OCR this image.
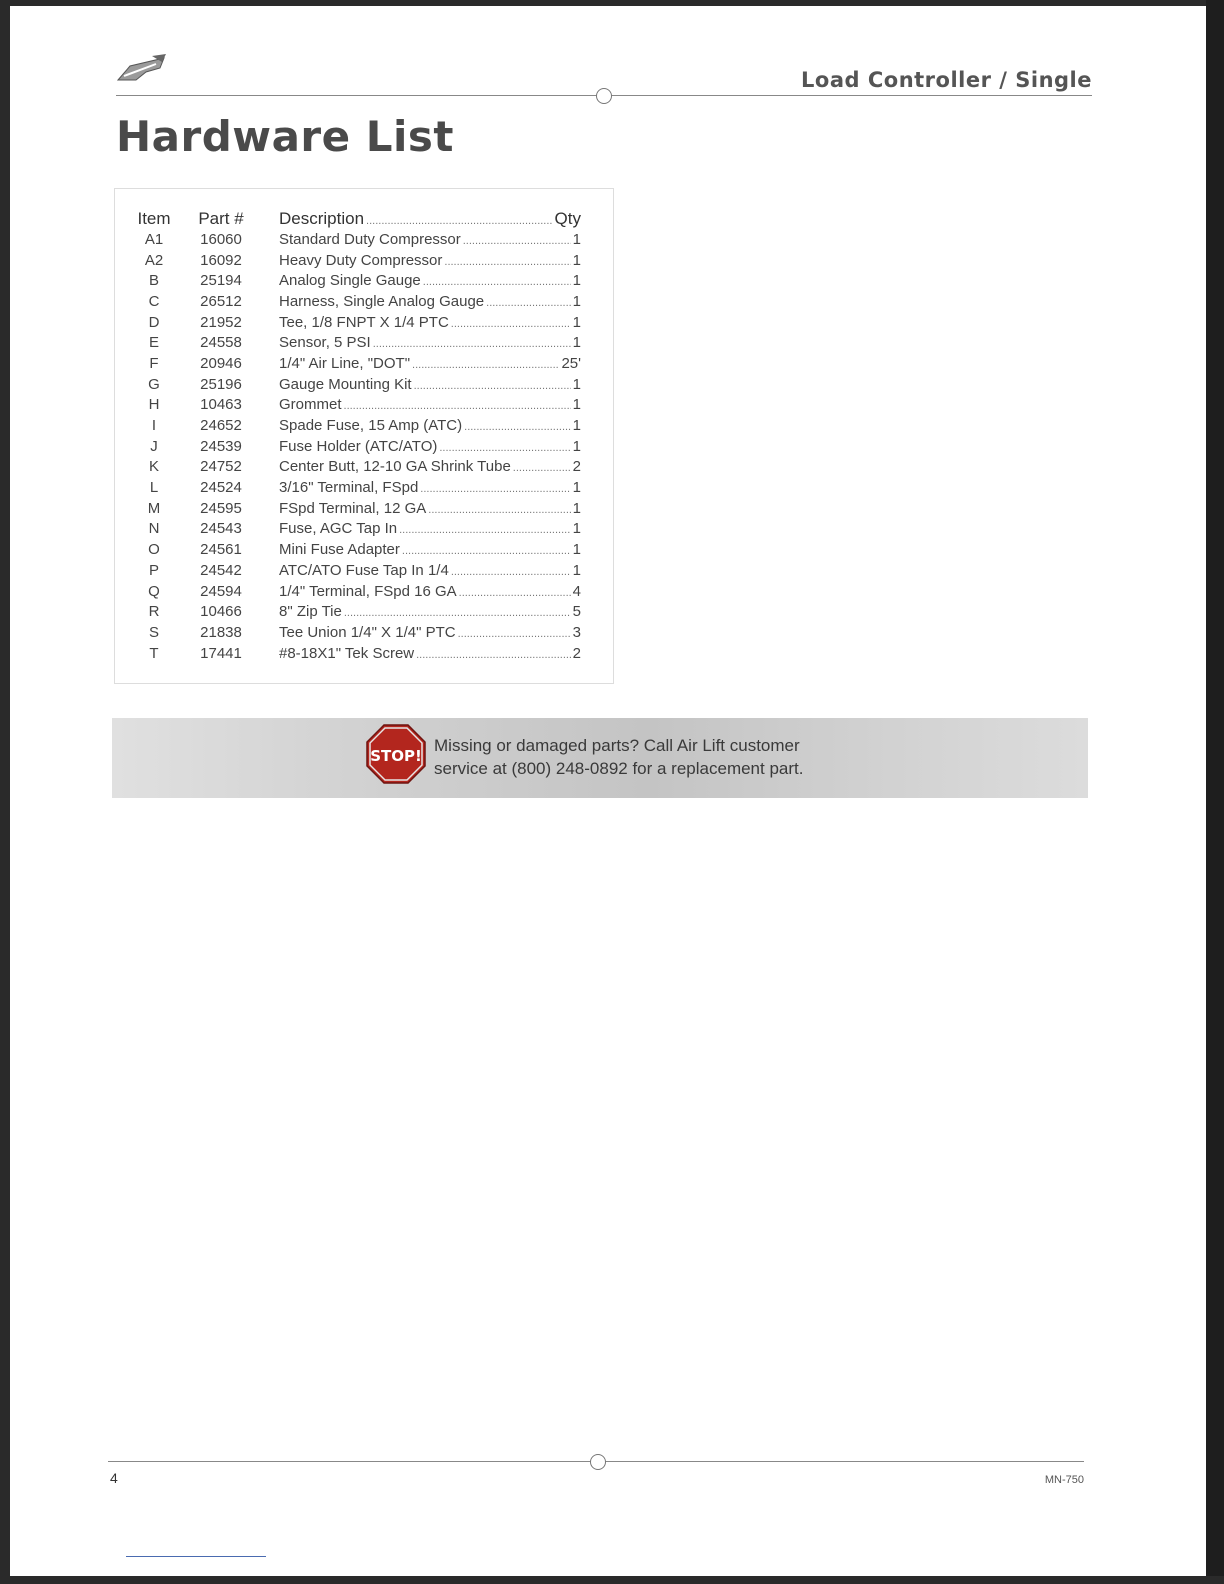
Load Controller / Single
Hardware List
Item	Part #	Description ..... Qty

A1	16060	Standard Duty Compressor ..... 1

A2	16092	Heavy Duty Compressor ..... 1

B	25194	Analog Single Gauge ..... 1

C	26512	Harness, Single Analog Gauge ..... 1

D	21952	Tee, 1/8 FNPT X 1/4 PTC ..... 1

E	24558	Sensor, 5 PSI ..... 1

F	20946	1/4" Air Line, "DOT" ..... 25'

G	25196	Gauge Mounting Kit ..... 1

H	10463	Grommet ..... 1

I	24652	Spade Fuse, 15 Amp (ATC) ..... 1

J	24539	Fuse Holder (ATC/ATO) ..... 1

K	24752	Center Butt, 12-10 GA Shrink Tube ..... 2

L	24524	3/16" Terminal, FSpd ..... 1

M	24595	FSpd Terminal, 12 GA ..... 1

N	24543	Fuse, AGC Tap In ..... 1

O	24561	Mini Fuse Adapter ..... 1

P	24542	ATC/ATO Fuse Tap In 1/4 ..... 1

Q	24594	1/4" Terminal, FSpd 16 GA ..... 4

R	10466	8" Zip Tie ..... 5

S	21838	Tee Union 1/4" X 1/4" PTC ..... 3

T	17441	#8-18X1" Tek Screw ..... 2
STOP!
Missing or damaged parts? Call Air Lift customer
service at (800) 248-0892 for a replacement part.
4	MN-750
